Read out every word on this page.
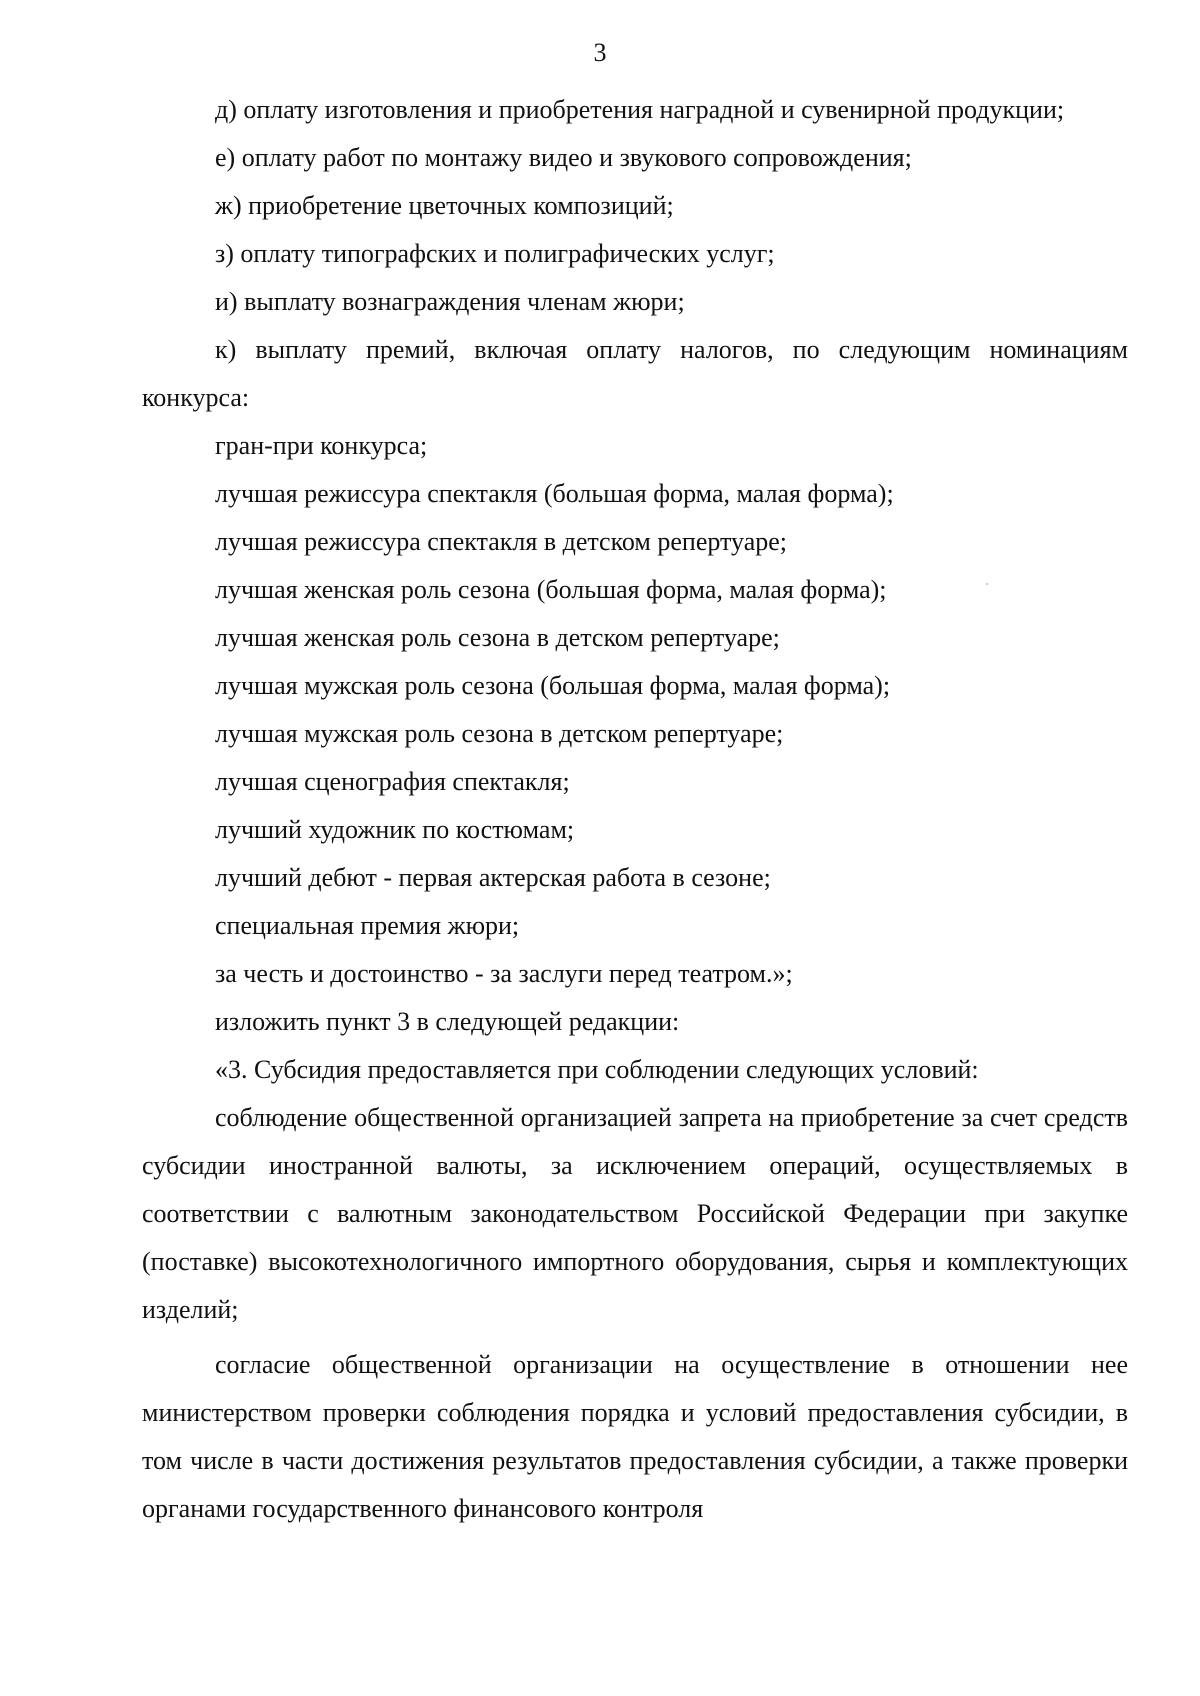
3

д) оплату изготовления и приобретения наградной и сувенирной продукции;

е) оплату работ по монтажу видео и звукового сопровождения;

ж) приобретение цветочных композиций;

з) оплату типографских и полиграфических услуг;

и) выплату вознаграждения членам жюри;

к) выплату премий, включая оплату налогов, по следующим номинациям конкурса:

гран-при конкурса;

лучшая режиссура спектакля (большая форма, малая форма);

лучшая режиссура спектакля в детском репертуаре;

лучшая женская роль сезона (большая форма, малая форма);

лучшая женская роль сезона в детском репертуаре;

лучшая мужская роль сезона (большая форма, малая форма);

лучшая мужская роль сезона в детском репертуаре;

лучшая сценография спектакля;

лучший художник по костюмам;

лучший дебют - первая актерская работа в сезоне;

специальная премия жюри;

за честь и достоинство - за заслуги перед театром.»;

изложить пункт 3 в следующей редакции:

«3. Субсидия предоставляется при соблюдении следующих условий:

соблюдение общественной организацией запрета на приобретение за счет средств субсидии иностранной валюты, за исключением операций, осуществляемых в соответствии с валютным законодательством Российской Федерации при закупке (поставке) высокотехнологичного импортного оборудования, сырья и комплектующих изделий;

согласие общественной организации на осуществление в отношении нее министерством проверки соблюдения порядка и условий предоставления субсидии, в том числе в части достижения результатов предоставления субсидии, а также проверки органами государственного финансового контроля
